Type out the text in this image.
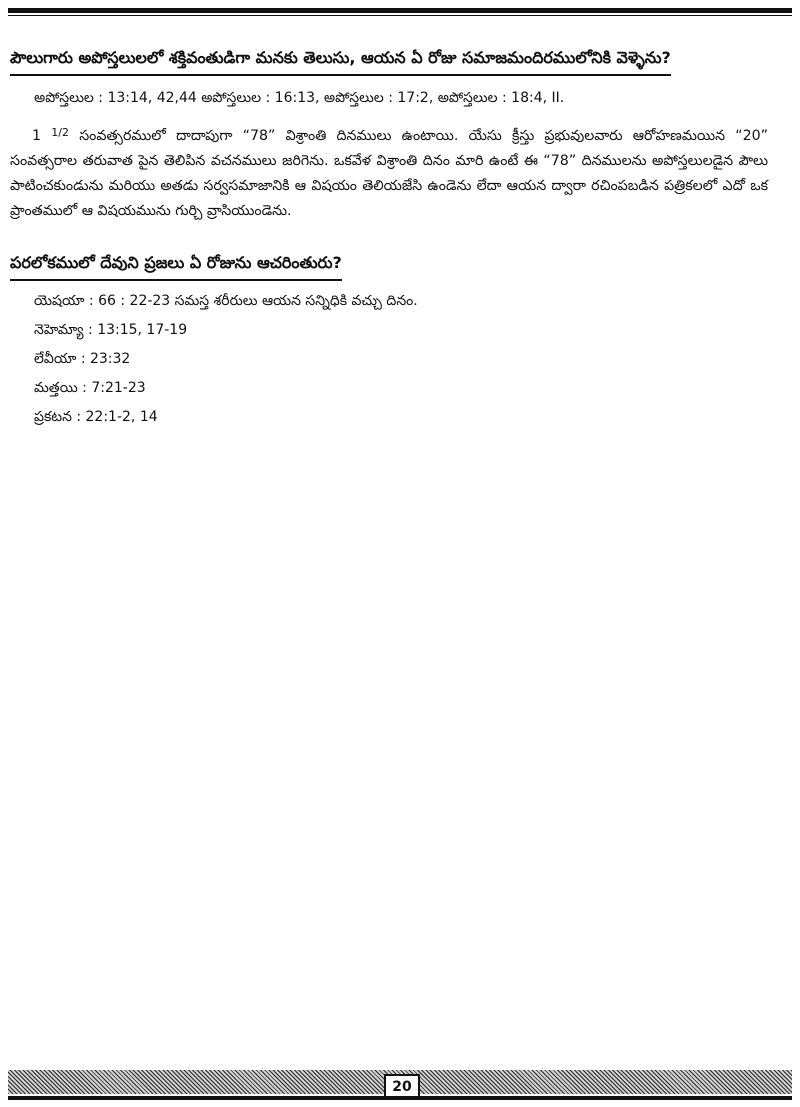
పౌలుగారు అపోస్తలులలో శక్తివంతుడిగా మనకు తెలుసు, ఆయన ఏ రోజు సమాజమందిరములోనికి వెళ్ళెను?
అపోస్తలుల : 13:14, 42,44 అపోస్తలుల : 16:13, అపోస్తలుల : 17:2, అపోస్తలుల : 18:4, II.
1 $^{1/2}$ సంవత్సరములో దాదాపుగా “78” విశ్రాంతి దినములు ఉంటాయి. యేసు క్రీస్తు ప్రభువులవారు ఆరోహణమయిన “20” సంవత్సరాల తరువాత పైన తెలిపిన వచనములు జరిగెను. ఒకవేళ విశ్రాంతి దినం మారి ఉంటే ఈ “78” దినములను అపోస్తలులడైన పౌలు పాటించకుండును మరియు అతడు సర్వసమాజానికి ఆ విషయం తెలియజేసి ఉండెను లేదా ఆయన ద్వారా రచింపబడిన పత్రికలలో ఎదో ఒక ప్రాంతములో ఆ విషయమును గుర్చి వ్రాసియుండెను.
పరలోకములో దేవుని ప్రజలు ఏ రోజును ఆచరింతురు?
యెషయా : 66 : 22-23 సమస్త శరీరులు ఆయన సన్నిధికి వచ్చు దినం.
నెహెమ్యా : 13:15, 17-19
లేవీయా : 23:32
మత్తయి : 7:21-23
ప్రకటన : 22:1-2, 14
20
